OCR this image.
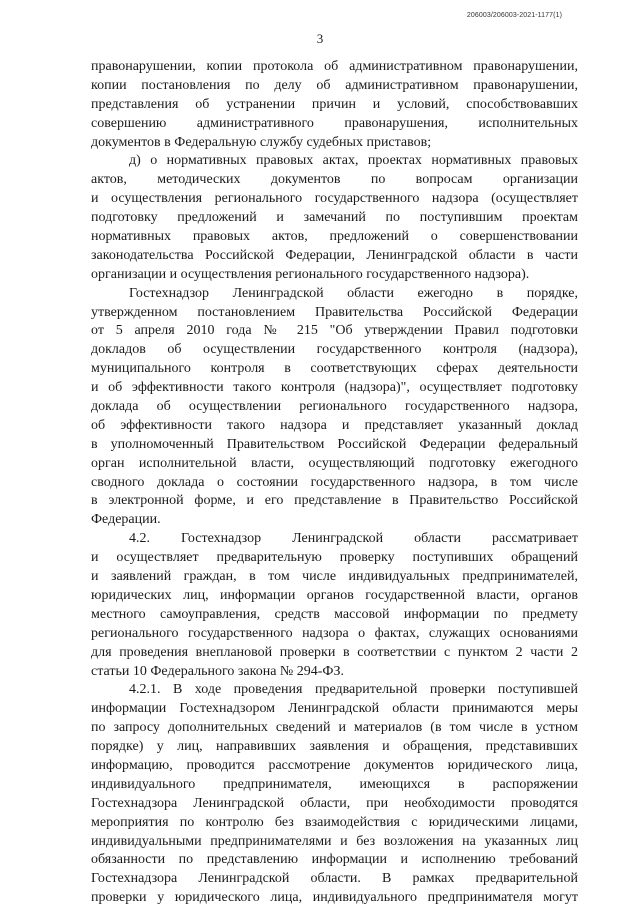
206003/206003-2021-1177(1)
3
правонарушении, копии протокола об административном правонарушении,
копии постановления по делу об административном правонарушении,
представления об устранении причин и условий, способствовавших
совершению административного правонарушения, исполнительных
документов в Федеральную службу судебных приставов;
д) о нормативных правовых актах, проектах нормативных правовых
актов, методических документов по вопросам организации
и осуществления регионального государственного надзора (осуществляет
подготовку предложений и замечаний по поступившим проектам
нормативных правовых актов, предложений о совершенствовании
законодательства Российской Федерации, Ленинградской области в части
организации и осуществления регионального государственного надзора).
Гостехнадзор Ленинградской области ежегодно в порядке,
утвержденном постановлением Правительства Российской Федерации
от 5 апреля 2010 года № 215 "Об утверждении Правил подготовки
докладов об осуществлении государственного контроля (надзора),
муниципального контроля в соответствующих сферах деятельности
и об эффективности такого контроля (надзора)", осуществляет подготовку
доклада об осуществлении регионального государственного надзора,
об эффективности такого надзора и представляет указанный доклад
в уполномоченный Правительством Российской Федерации федеральный
орган исполнительной власти, осуществляющий подготовку ежегодного
сводного доклада о состоянии государственного надзора, в том числе
в электронной форме, и его представление в Правительство Российской
Федерации.
4.2. Гостехнадзор Ленинградской области рассматривает
и осуществляет предварительную проверку поступивших обращений
и заявлений граждан, в том числе индивидуальных предпринимателей,
юридических лиц, информации органов государственной власти, органов
местного самоуправления, средств массовой информации по предмету
регионального государственного надзора о фактах, служащих основаниями
для проведения внеплановой проверки в соответствии с пунктом 2 части 2
статьи 10 Федерального закона № 294-ФЗ.
4.2.1. В ходе проведения предварительной проверки поступившей
информации Гостехнадзором Ленинградской области принимаются меры
по запросу дополнительных сведений и материалов (в том числе в устном
порядке) у лиц, направивших заявления и обращения, представивших
информацию, проводится рассмотрение документов юридического лица,
индивидуального предпринимателя, имеющихся в распоряжении
Гостехнадзора Ленинградской области, при необходимости проводятся
мероприятия по контролю без взаимодействия с юридическими лицами,
индивидуальными предпринимателями и без возложения на указанных лиц
обязанности по представлению информации и исполнению требований
Гостехнадзора Ленинградской области. В рамках предварительной
проверки у юридического лица, индивидуального предпринимателя могут
